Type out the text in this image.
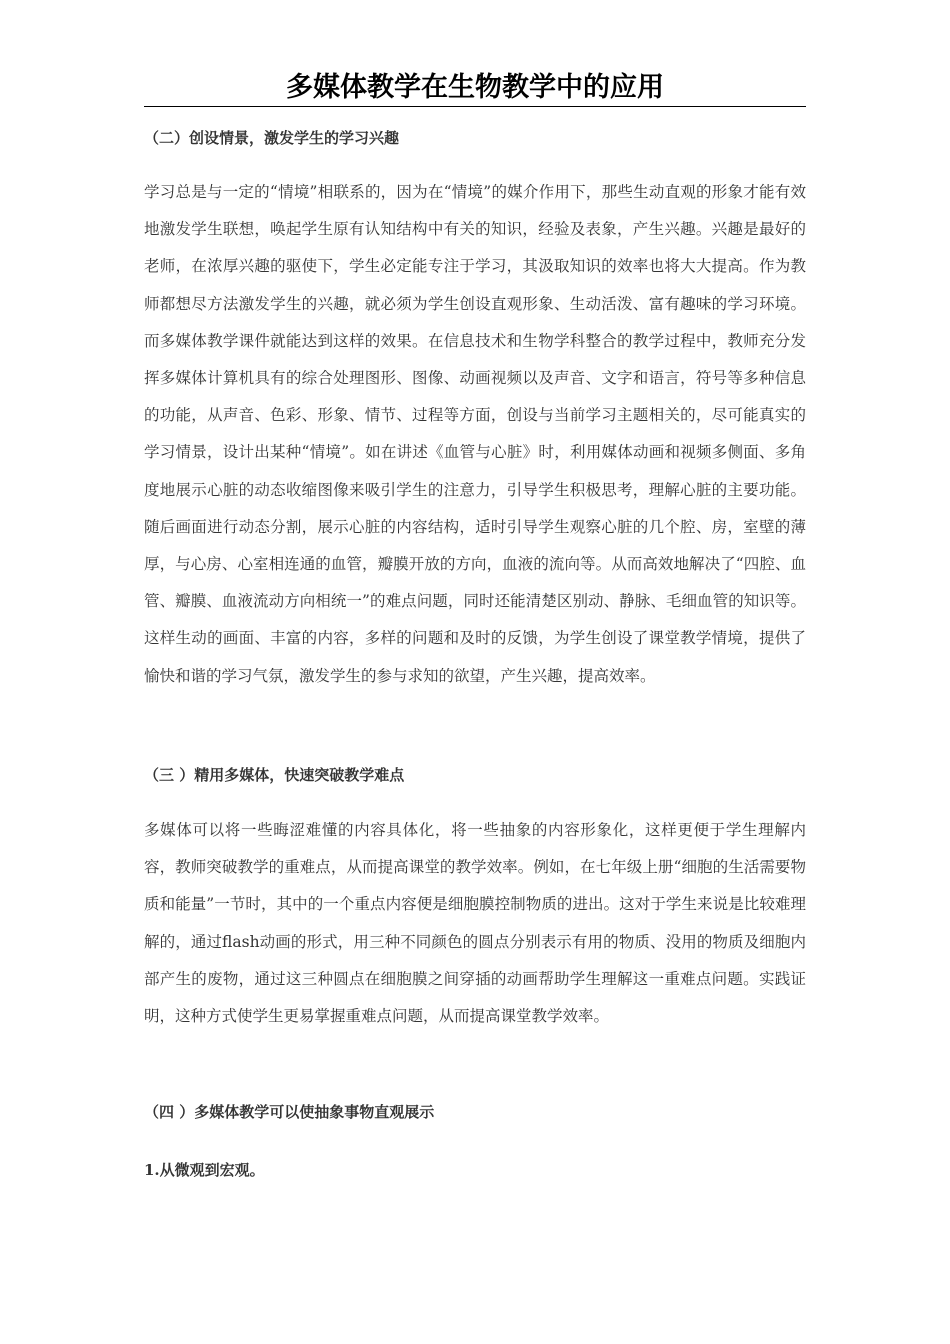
多媒体教学在生物教学中的应用

（二）创设情景，激发学生的学习兴趣

学习总是与一定的“情境”相联系的，因为在“情境”的媒介作用下，那些生动直观的形象才能有效地激发学生联想，唤起学生原有认知结构中有关的知识，经验及表象，产生兴趣。兴趣是最好的老师，在浓厚兴趣的驱使下，学生必定能专注于学习，其汲取知识的效率也将大大提高。作为教师都想尽方法激发学生的兴趣，就必须为学生创设直观形象、生动活泼、富有趣味的学习环境。而多媒体教学课件就能达到这样的效果。在信息技术和生物学科整合的教学过程中，教师充分发挥多媒体计算机具有的综合处理图形、图像、动画视频以及声音、文字和语言，符号等多种信息的功能，从声音、色彩、形象、情节、过程等方面，创设与当前学习主题相关的，尽可能真实的学习情景，设计出某种“情境”。如在讲述《血管与心脏》时，利用媒体动画和视频多侧面、多角度地展示心脏的动态收缩图像来吸引学生的注意力，引导学生积极思考，理解心脏的主要功能。随后画面进行动态分割，展示心脏的内容结构，适时引导学生观察心脏的几个腔、房，室壁的薄厚，与心房、心室相连通的血管，瓣膜开放的方向，血液的流向等。从而高效地解决了“四腔、血管、瓣膜、血液流动方向相统一”的难点问题，同时还能清楚区别动、静脉、毛细血管的知识等。这样生动的画面、丰富的内容，多样的问题和及时的反馈，为学生创设了课堂教学情境，提供了愉快和谐的学习气氛，激发学生的参与求知的欲望，产生兴趣，提高效率。

（三 ）精用多媒体，快速突破教学难点

多媒体可以将一些晦涩难懂的内容具体化，将一些抽象的内容形象化，这样更便于学生理解内容，教师突破教学的重难点，从而提高课堂的教学效率。例如，在七年级上册“细胞的生活需要物质和能量”一节时，其中的一个重点内容便是细胞膜控制物质的进出。这对于学生来说是比较难理解的，通过flash动画的形式，用三种不同颜色的圆点分别表示有用的物质、没用的物质及细胞内部产生的废物，通过这三种圆点在细胞膜之间穿插的动画帮助学生理解这一重难点问题。实践证明，这种方式使学生更易掌握重难点问题，从而提高课堂教学效率。

（四 ）多媒体教学可以使抽象事物直观展示

1.从微观到宏观。
